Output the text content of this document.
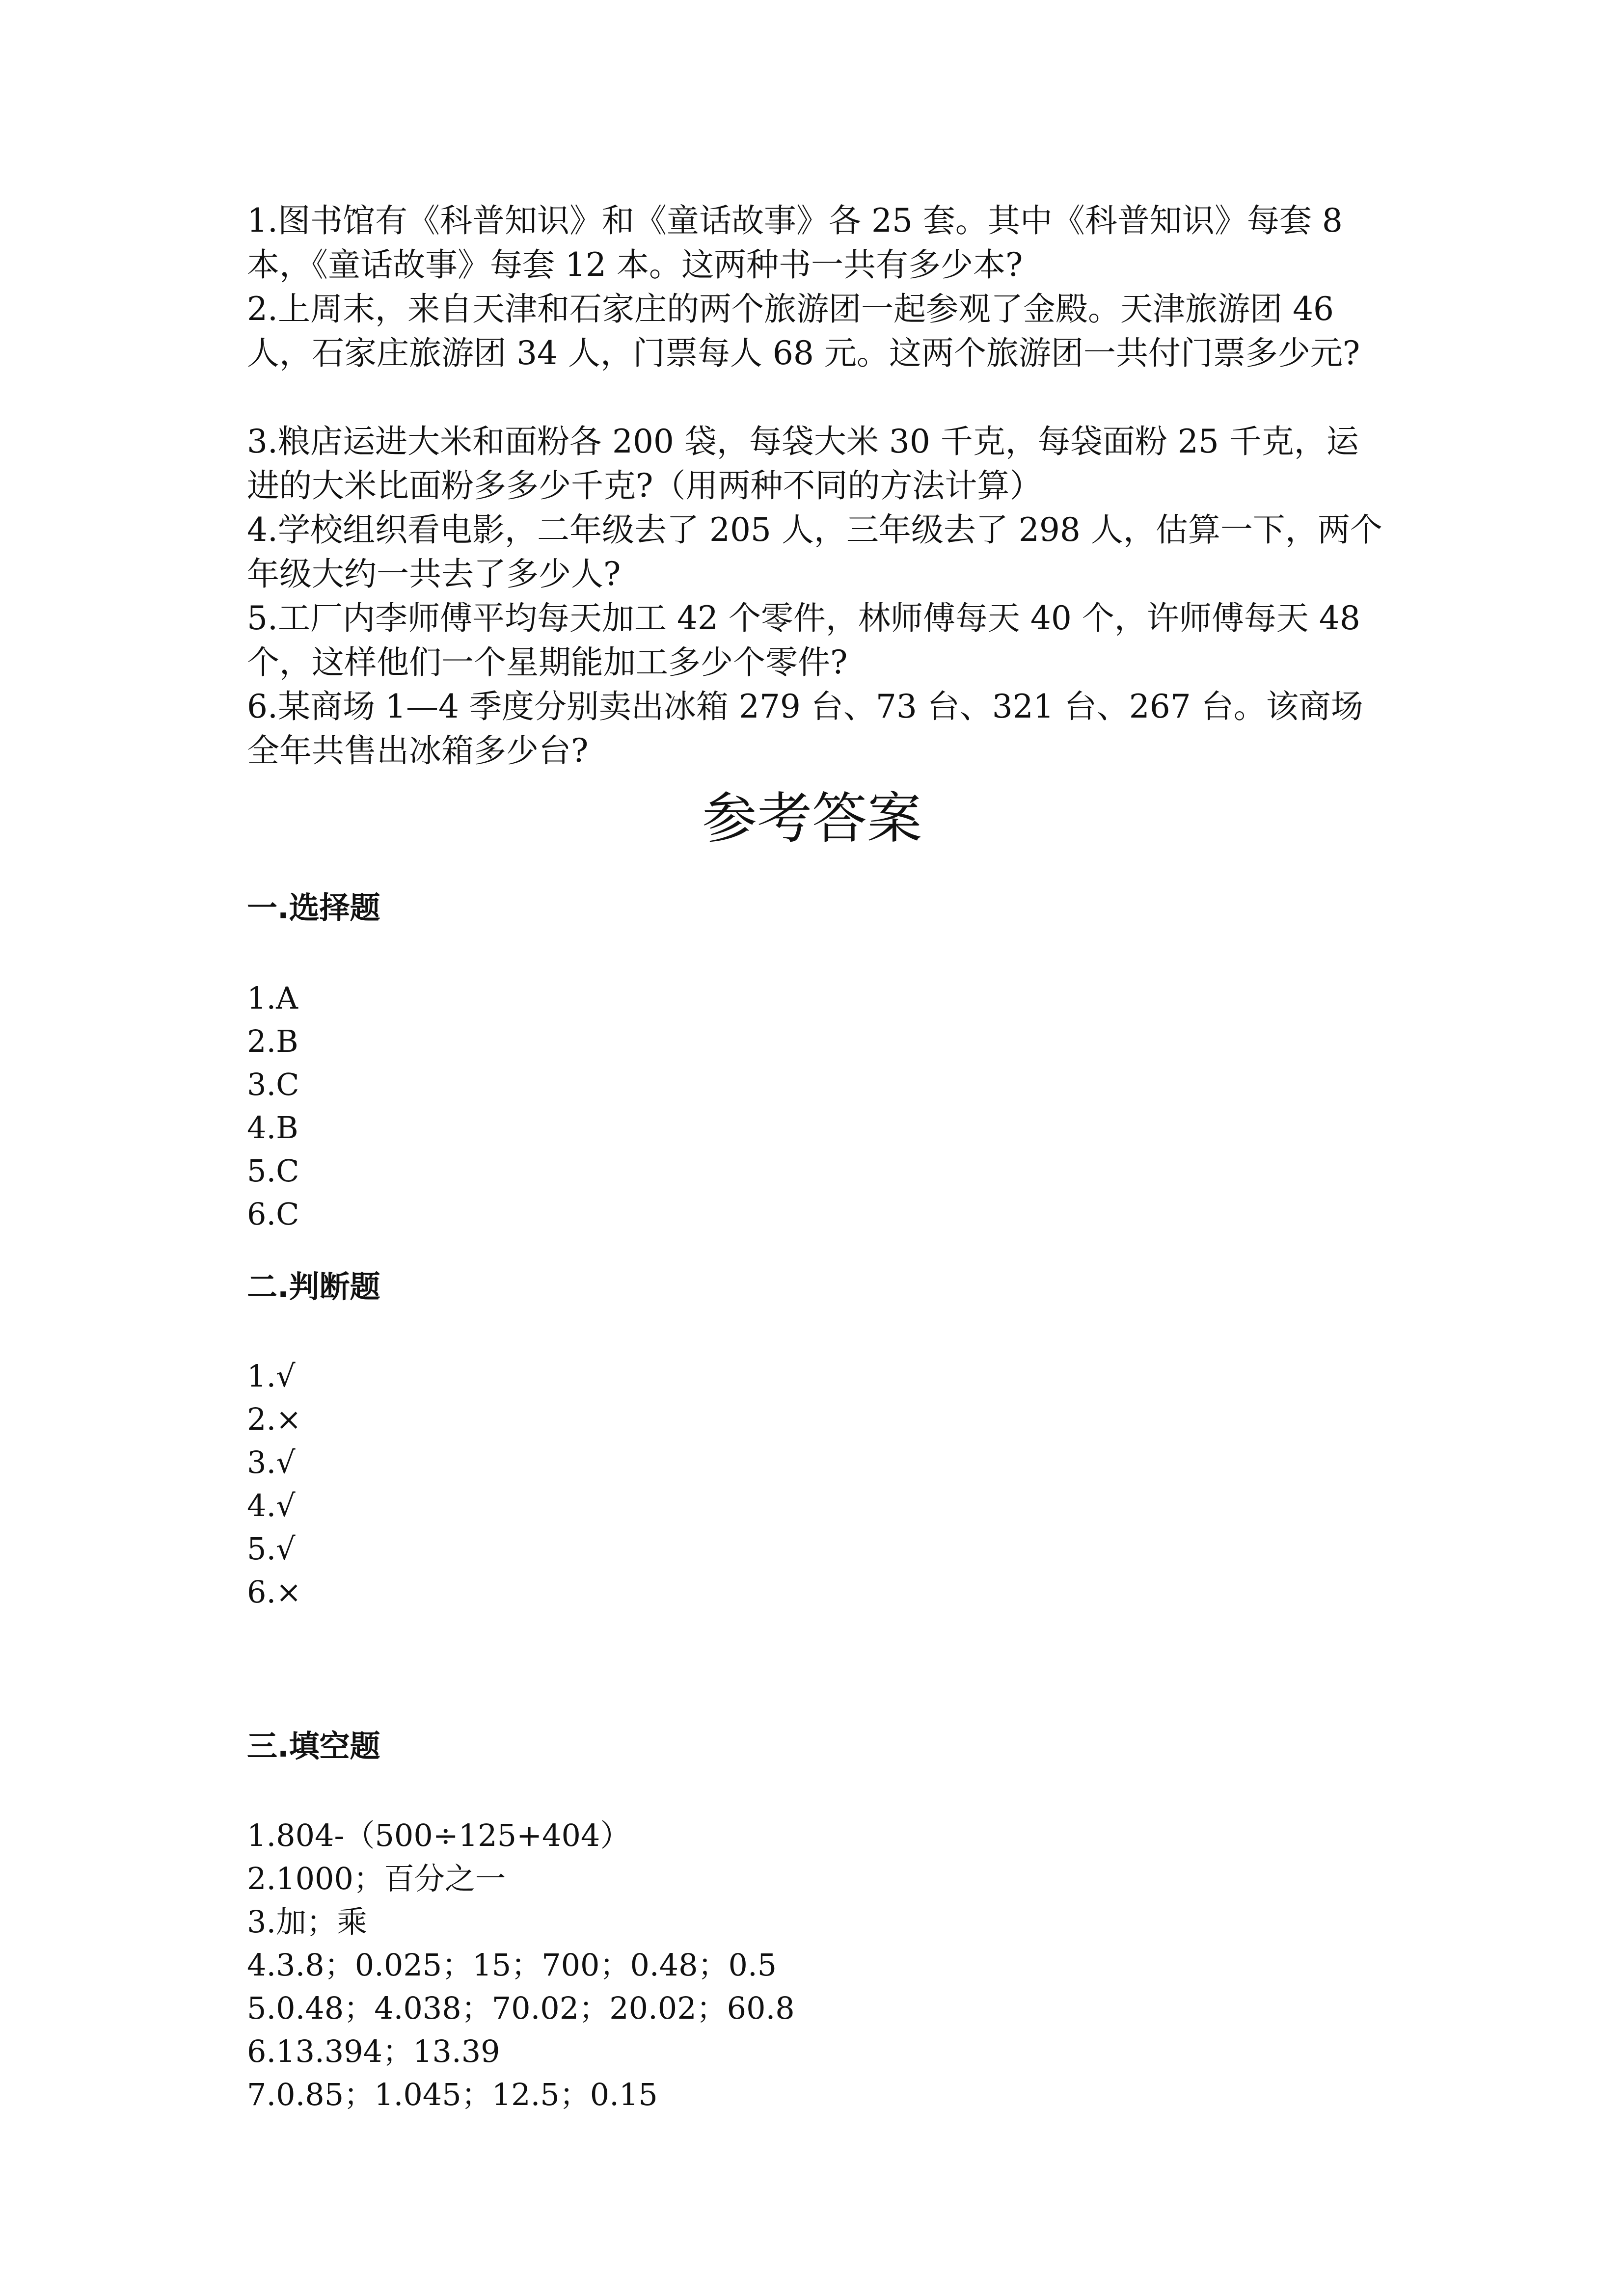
1.图书馆有《科普知识》和《童话故事》各 25 套。其中《科普知识》每套 8 本，《童话故事》每套 12 本。这两种书一共有多少本?

2.上周末，来自天津和石家庄的两个旅游团一起参观了金殿。天津旅游团 46 人，石家庄旅游团 34 人，门票每人 68 元。这两个旅游团一共付门票多少元?

3.粮店运进大米和面粉各 200 袋，每袋大米 30 千克，每袋面粉 25 千克，运进的大米比面粉多多少千克?（用两种不同的方法计算）

4.学校组织看电影，二年级去了 205 人，三年级去了 298 人，估算一下，两个年级大约一共去了多少人?

5.工厂内李师傅平均每天加工 42 个零件，林师傅每天 40 个，许师傅每天 48 个，这样他们一个星期能加工多少个零件?

6.某商场 1—4 季度分别卖出冰箱 279 台、73 台、321 台、267 台。该商场全年共售出冰箱多少台?

参考答案
一.选择题
1.A
2.B
3.C
4.B
5.C
6.C
二.判断题
1.√
2.×
3.√
4.√
5.√
6.×
三.填空题
1.804-（500÷125+404）
2.1000；百分之一
3.加；乘
4.3.8；0.025；15；700；0.48；0.5
5.0.48；4.038；70.02；20.02；60.8
6.13.394；13.39
7.0.85；1.045；12.5；0.15
